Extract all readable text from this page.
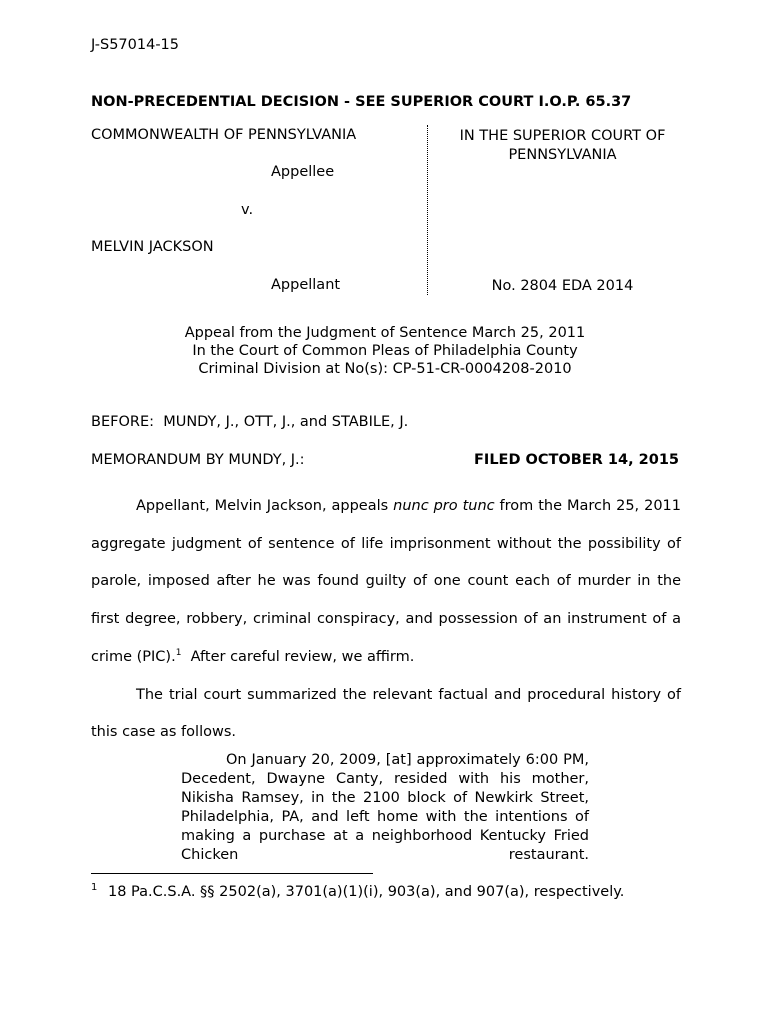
J-S57014-15
NON-PRECEDENTIAL DECISION - SEE SUPERIOR COURT I.O.P. 65.37
COMMONWEALTH OF PENNSYLVANIA
Appellee
v.
MELVIN JACKSON
Appellant
IN THE SUPERIOR COURT OF
PENNSYLVANIA
No. 2804 EDA 2014
Appeal from the Judgment of Sentence March 25, 2011
In the Court of Common Pleas of Philadelphia County
Criminal Division at No(s): CP-51-CR-0004208-2010
BEFORE:  MUNDY, J., OTT, J., and STABILE, J.
MEMORANDUM BY MUNDY, J.:	FILED OCTOBER 14, 2015

Appellant, Melvin Jackson, appeals nunc pro tunc from the March 25, 2011 aggregate judgment of sentence of life imprisonment without the possibility of parole, imposed after he was found guilty of one count each of murder in the first degree, robbery, criminal conspiracy, and possession of an instrument of a crime (PIC).$^1$  After careful review, we affirm.

The trial court summarized the relevant factual and procedural history of this case as follows.

On January 20, 2009, [at] approximately 6:00 PM, Decedent, Dwayne Canty, resided with his mother, Nikisha Ramsey, in the 2100 block of Newkirk Street, Philadelphia, PA, and left home with the intentions of making a purchase at a neighborhood Kentucky Fried Chicken restaurant.

$^1$ 18 Pa.C.S.A. §§ 2502(a), 3701(a)(1)(i), 903(a), and 907(a), respectively.
